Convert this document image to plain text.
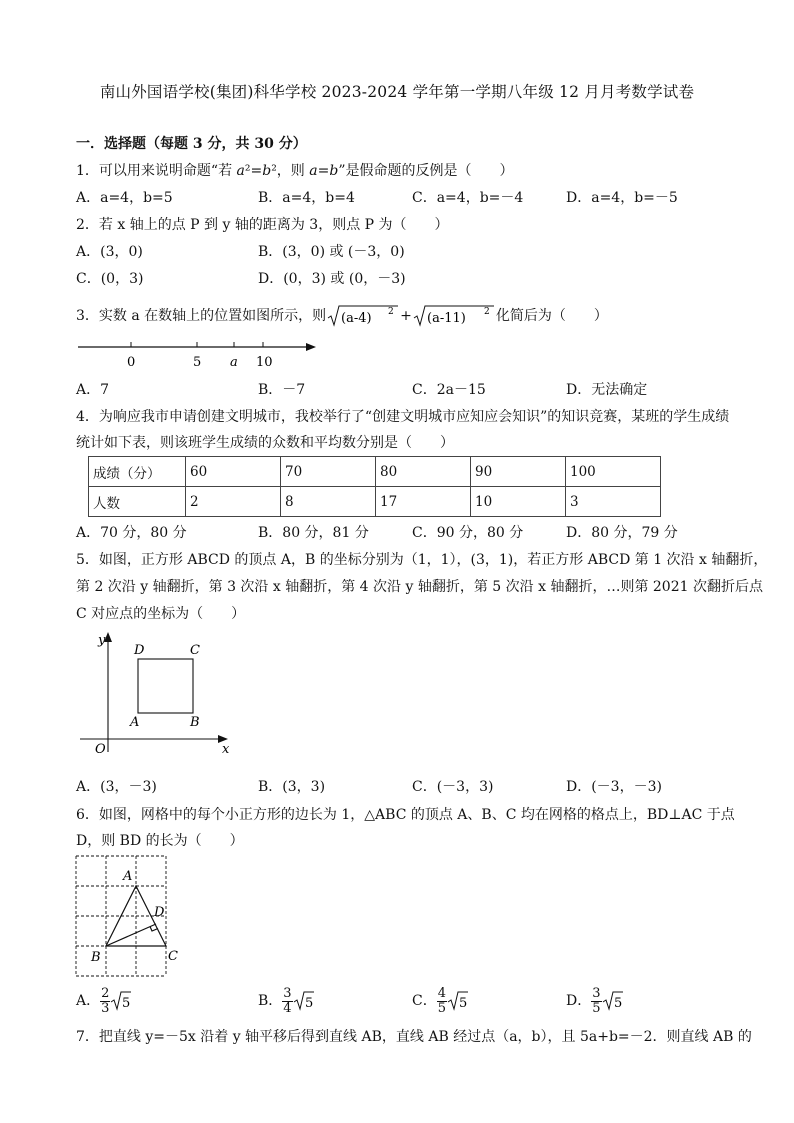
南山外国语学校(集团)科华学校 2023-2024 学年第一学期八年级 12 月月考数学试卷
一．选择题（每题 3 分，共 30 分）
1．可以用来说明命题“若 a²=b²，则 a=b”是假命题的反例是（　　）
A．a=4，b=5	B．a=4，b=4	C．a=4，b=－4	D．a=4，b=－5
2．若 x 轴上的点 P 到 y 轴的距离为 3，则点 P 为（　　）
A．(3，0)	B．(3，0) 或 (－3，0)
C．(0，3)	D．(0，3) 或 (0，－3)
3．实数 a 在数轴上的位置如图所示，则 (a-4) 2 + (a-11) 2 化简后为（　　）
0	5 a 10
A．7	B．－7	C．2a－15	D．无法确定
4．为响应我市申请创建文明城市，我校举行了“创建文明城市应知应会知识”的知识竞赛，某班的学生成绩
统计如下表，则该班学生成绩的众数和平均数分别是（　　）
成绩（分）	60	70	80	90	100
人数	2	8	17	10	3
A．70 分，80 分	B．80 分，81 分	C．90 分，80 分	D．80 分，79 分
5．如图，正方形 ABCD 的顶点 A，B 的坐标分别为（1，1），(3，1)，若正方形 ABCD 第 1 次沿 x 轴翻折，
第 2 次沿 y 轴翻折，第 3 次沿 x 轴翻折，第 4 次沿 y 轴翻折，第 5 次沿 x 轴翻折，…则第 2021 次翻折后点
C 对应点的坐标为（　　）
y
x
O
A	B
D	C
A．(3，－3)	B．(3，3)	C．(－3，3)	D．(－3，－3)
6．如图，网格中的每个小正方形的边长为 1，△ABC 的顶点 A、B、C 均在网格的格点上，BD⊥AC 于点
D，则 BD 的长为（　　）
A
B	C
D
A． $\frac{2}{3} 5$	B． $\frac{3}{4} 5$	C． $\frac{4}{5} 5$	D． $\frac{3}{5} 5$
7．把直线 y=－5x 沿着 y 轴平移后得到直线 AB，直线 AB 经过点（a，b），且 5a+b=－2．则直线 AB 的
